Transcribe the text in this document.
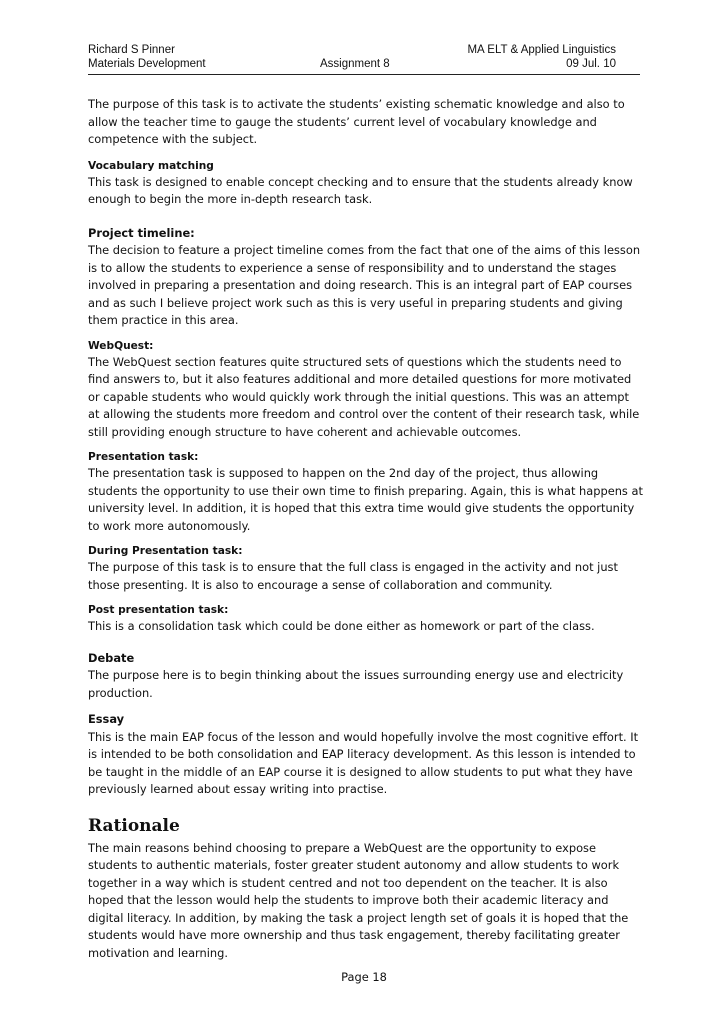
Richard S Pinner	MA ELT & Applied Linguistics
Materials Development	Assignment 8	09 Jul. 10

The purpose of this task is to activate the students’ existing schematic knowledge and also to allow the teacher time to gauge the students’ current level of vocabulary knowledge and competence with the subject.

Vocabulary matching

This task is designed to enable concept checking and to ensure that the students already know enough to begin the more in-depth research task.

Project timeline:

The decision to feature a project timeline comes from the fact that one of the aims of this lesson is to allow the students to experience a sense of responsibility and to understand the stages involved in preparing a presentation and doing research. This is an integral part of EAP courses and as such I believe project work such as this is very useful in preparing students and giving them practice in this area.

WebQuest:

The WebQuest section features quite structured sets of questions which the students need to find answers to, but it also features additional and more detailed questions for more motivated or capable students who would quickly work through the initial questions. This was an attempt at allowing the students more freedom and control over the content of their research task, while still providing enough structure to have coherent and achievable outcomes.

Presentation task:

The presentation task is supposed to happen on the 2nd day of the project, thus allowing students the opportunity to use their own time to finish preparing. Again, this is what happens at university level. In addition, it is hoped that this extra time would give students the opportunity to work more autonomously.

During Presentation task:

The purpose of this task is to ensure that the full class is engaged in the activity and not just those presenting. It is also to encourage a sense of collaboration and community.

Post presentation task:

This is a consolidation task which could be done either as homework or part of the class.

Debate

The purpose here is to begin thinking about the issues surrounding energy use and electricity production.

Essay

This is the main EAP focus of the lesson and would hopefully involve the most cognitive effort. It is intended to be both consolidation and EAP literacy development. As this lesson is intended to be taught in the middle of an EAP course it is designed to allow students to put what they have previously learned about essay writing into practise.

Rationale

The main reasons behind choosing to prepare a WebQuest are the opportunity to expose students to authentic materials, foster greater student autonomy and allow students to work together in a way which is student centred and not too dependent on the teacher. It is also hoped that the lesson would help the students to improve both their academic literacy and digital literacy. In addition, by making the task a project length set of goals it is hoped that the students would have more ownership and thus task engagement, thereby facilitating greater motivation and learning.

Page 18
